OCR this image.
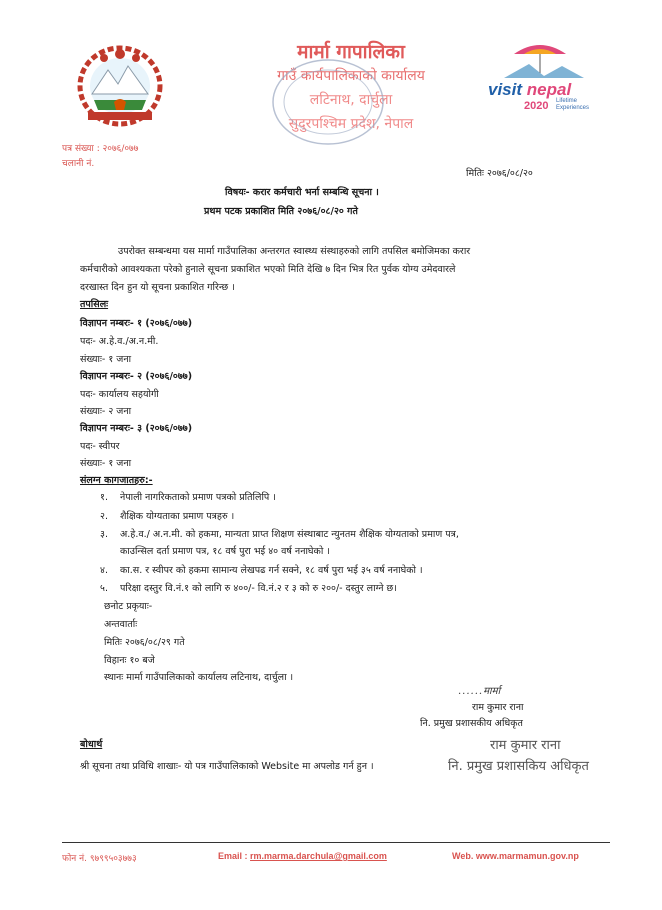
मार्मा गापालिका
गाउँ कार्यपालिकाको कार्यालय
लटिनाथ, दार्चुला
सुदुरपश्चिम प्रदेश, नेपाल
visit nepal
2020 Lifetime
Experiences
पत्र संख्या : २०७६/०७७
चलानी नं.
मितिः २०७६/०८/२०
विषयः- करार कर्मचारी भर्ना सम्बन्धि सूचना ।
प्रथम पटक प्रकाशित मिति २०७६/०८/२० गते
उपरोक्त सम्बन्धमा यस मार्मा गाउँपालिका अन्तरगत स्वास्थ्य संस्थाहरुको लागि तपसिल बमोजिमका करार
कर्मचारीको आवश्यकता परेको हुनाले सूचना प्रकाशित भएको मिति देखि ७ दिन भित्र रित पुर्वक योग्य उमेदवारले
दरखास्त दिन हुन यो सूचना प्रकाशित गरिन्छ ।
तपसिलः
विज्ञापन नम्बरः- १ (२०७६/०७७)
पदः- अ.हे.व./अ.न.मी.
संख्याः- १ जना
विज्ञापन नम्बरः- २ (२०७६/०७७)
पदः- कार्यालय सहयोगी
संख्याः- २ जना
विज्ञापन नम्बरः- ३ (२०७६/०७७)
पदः- स्वीपर
संख्याः- १ जना
संलग्न कागजातहरु:-
१. नेपाली नागरिकताको प्रमाण पत्रको प्रतिलिपि ।
२. शैक्षिक योग्यताका प्रमाण पत्रहरु ।
३. अ.हे.व./ अ.न.मी. को हकमा, मान्यता प्राप्त शिक्षण संस्थाबाट न्युनतम शैक्षिक योग्यताको प्रमाण पत्र,
काउन्सिल दर्ता प्रमाण पत्र, १८ वर्ष पुरा भई ४० वर्ष ननाघेको ।
४. का.स. र स्वीपर को हकमा सामान्य लेखपढ गर्न सक्ने, १८ वर्ष पुरा भई ३५ वर्ष ननाघेको ।
५. परिक्षा दस्तुर वि.नं.१ को लागि रु ४००/- वि.नं.२ र ३ को रु २००/- दस्तुर लाग्ने छ।
छनोट प्रकृयाः-
अन्तवार्ताः
मितिः २०७६/०८/२९ गते
विहानः १० बजे
स्थानः मार्मा गाउँपालिकाको कार्यालय लटिनाथ, दार्चुला ।
......मार्मा
राम कुमार राना
नि. प्रमुख प्रशासकीय अधिकृत
राम कुमार राना
बोधार्थ
श्री सूचना तथा प्रविधि शाखाः- यो पत्र गाउँपालिकाको Website मा अपलोड गर्न हुन ।	नि. प्रमुख प्रशासकिय अधिकृत
फोन नं. ९७९९५०३७७३	Email : rm.marma.darchula@gmail.com	Web. www.marmamun.gov.np
